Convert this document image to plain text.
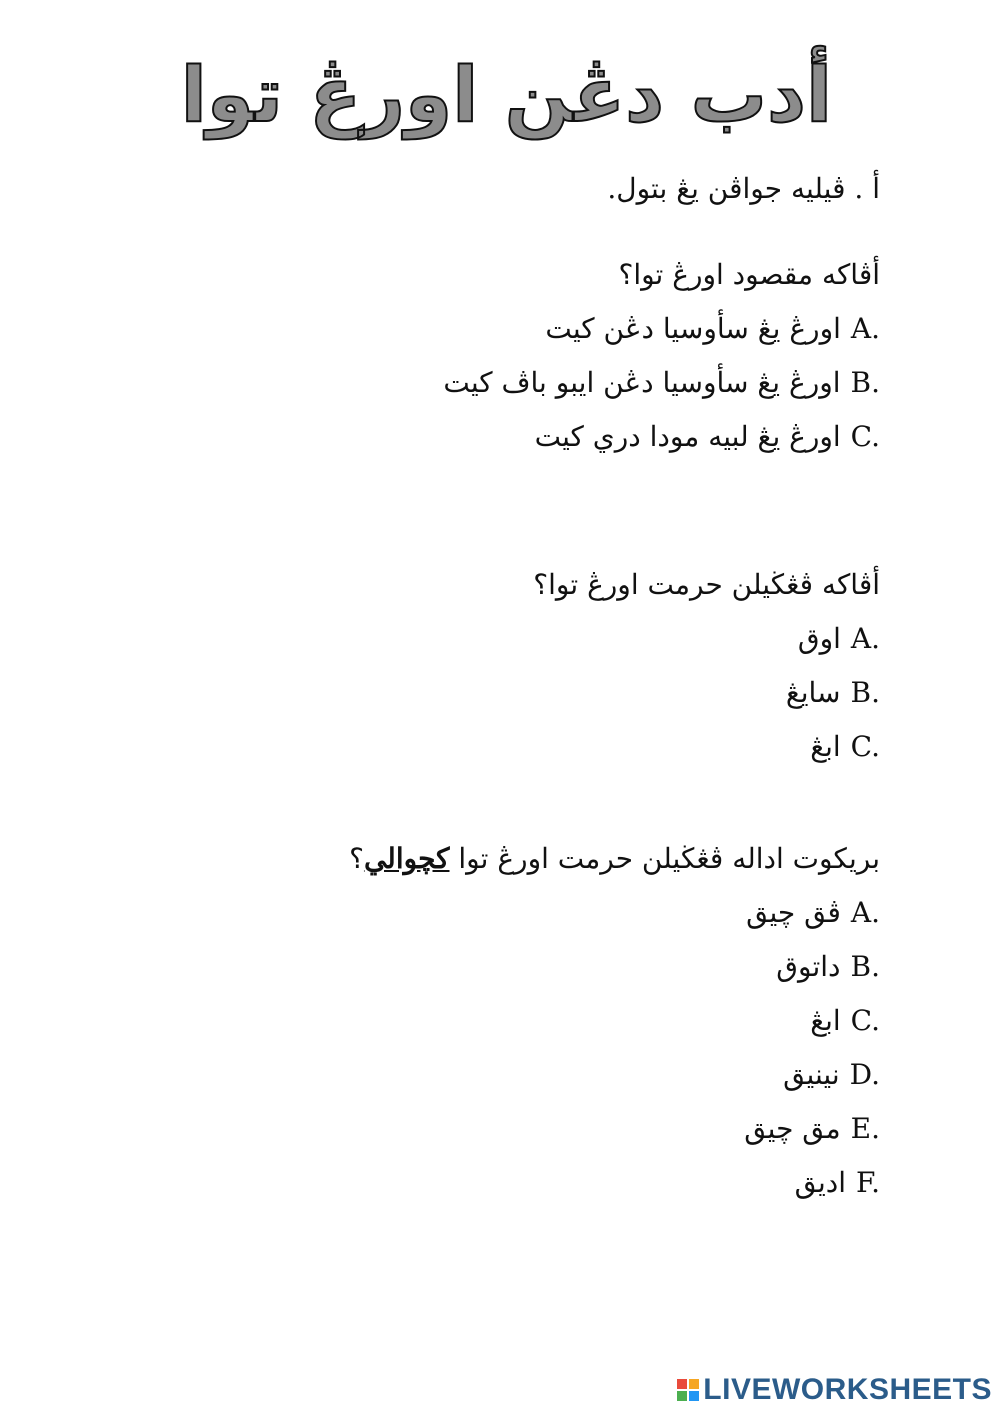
أدب دڠن اورڠ توا
أ . ڤيليه جواڤن يڠ بتول.

أڤاكه مقصود اورڠ توا؟

A.
اورڠ يڠ سأوسيا دڠن كيت
B.
اورڠ يڠ سأوسيا دڠن ايبو باڤ كيت
C.
اورڠ يڠ لبيه مودا دري كيت

أڤاكه ڤڠڬيلن حرمت اورڠ توا؟

A.
اوق
B.
سايڠ
C.
ابڠ

بريكوت اداله ڤڠڬيلن حرمت اورڠ توا كچوالي؟

A.
ڤق چيق
B.
داتوق
C.
ابڠ
D.
نينيق
E.
مق چيق
F.
اديق
LIVEWORKSHEETS
